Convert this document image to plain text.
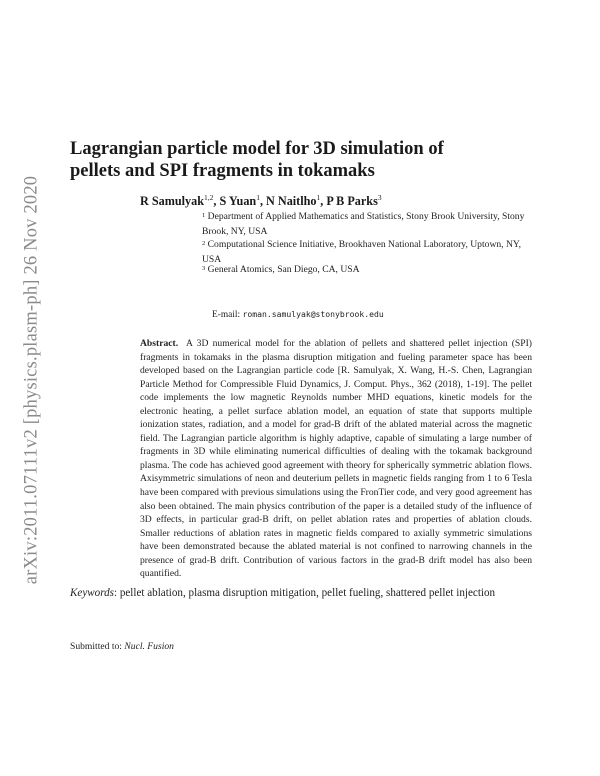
arXiv:2011.07111v2 [physics.plasm-ph] 26 Nov 2020
Lagrangian particle model for 3D simulation of pellets and SPI fragments in tokamaks
R Samulyak$^{1,2}$, S Yuan$^1$, N Naitlho$^1$, P B Parks$^3$
$^1$ Department of Applied Mathematics and Statistics, Stony Brook University, Stony Brook, NY, USA
$^2$ Computational Science Initiative, Brookhaven National Laboratory, Uptown, NY, USA
$^3$ General Atomics, San Diego, CA, USA
E-mail: roman.samulyak@stonybrook.edu

Abstract. A 3D numerical model for the ablation of pellets and shattered pellet injection (SPI) fragments in tokamaks in the plasma disruption mitigation and fueling parameter space has been developed based on the Lagrangian particle code [R. Samulyak, X. Wang, H.-S. Chen, Lagrangian Particle Method for Compressible Fluid Dynamics, J. Comput. Phys., 362 (2018), 1-19]. The pellet code implements the low magnetic Reynolds number MHD equations, kinetic models for the electronic heating, a pellet surface ablation model, an equation of state that supports multiple ionization states, radiation, and a model for grad-B drift of the ablated material across the magnetic field. The Lagrangian particle algorithm is highly adaptive, capable of simulating a large number of fragments in 3D while eliminating numerical difficulties of dealing with the tokamak background plasma. The code has achieved good agreement with theory for spherically symmetric ablation flows. Axisymmetric simulations of neon and deuterium pellets in magnetic fields ranging from 1 to 6 Tesla have been compared with previous simulations using the FronTier code, and very good agreement has also been obtained. The main physics contribution of the paper is a detailed study of the influence of 3D effects, in particular grad-B drift, on pellet ablation rates and properties of ablation clouds. Smaller reductions of ablation rates in magnetic fields compared to axially symmetric simulations have been demonstrated because the ablated material is not confined to narrowing channels in the presence of grad-B drift. Contribution of various factors in the grad-B drift model has also been quantified.

Keywords: pellet ablation, plasma disruption mitigation, pellet fueling, shattered pellet injection

Submitted to: Nucl. Fusion
